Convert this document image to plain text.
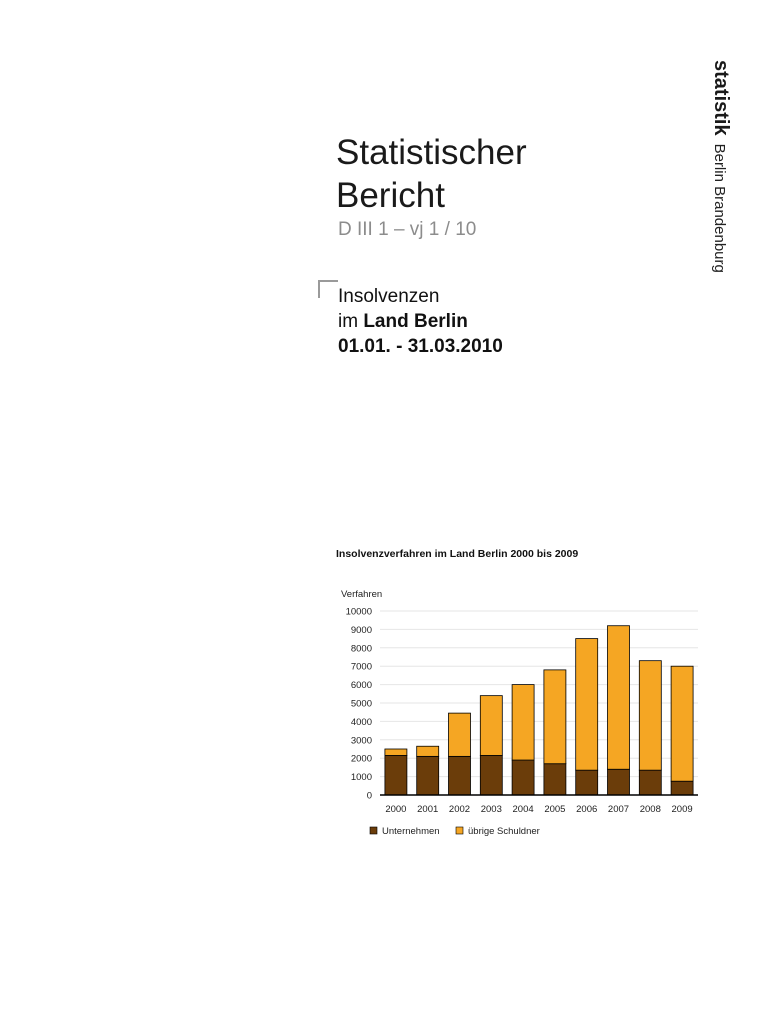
statistikBerlin Brandenburg
Statistischer
Bericht
D III 1 – vj 1 / 10
Insolvenzen
im Land Berlin
01.01. - 31.03.2010
Insolvenzverfahren im Land Berlin 2000 bis 2009
Verfahren
0
1000
2000
3000
4000
5000
6000
7000
8000
9000
10000
2000 2001 2002 2003 2004 2005 2006 2007 2008 2009
Unternehmen	übrige Schuldner
